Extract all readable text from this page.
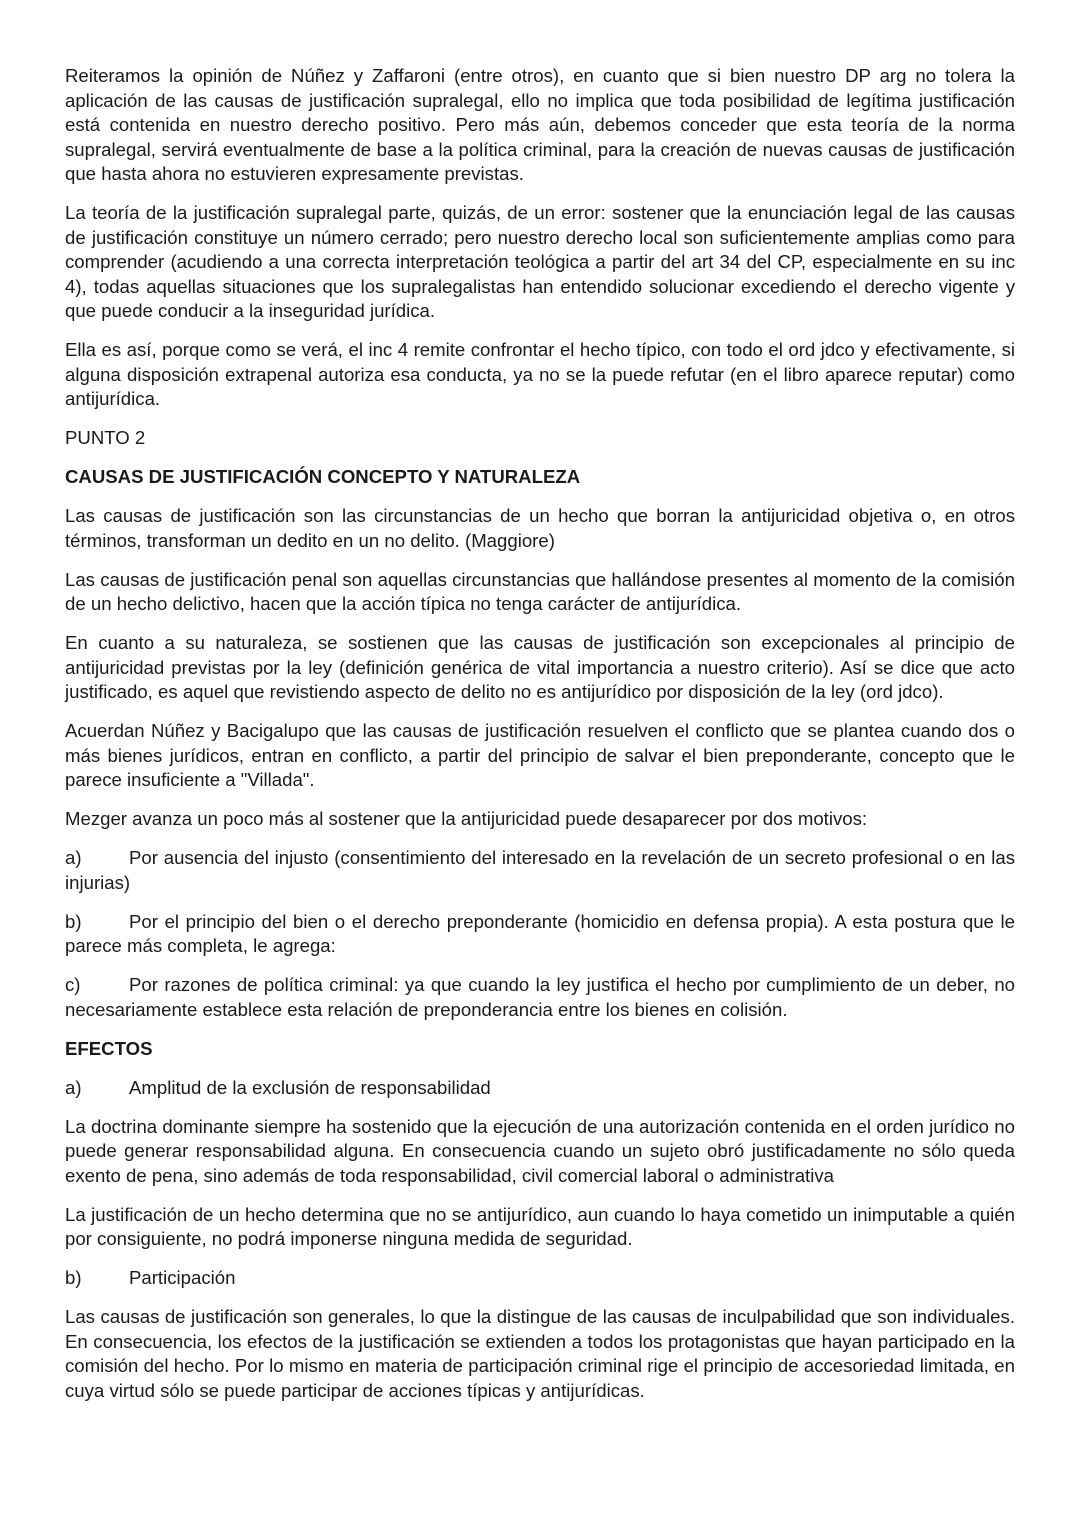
Reiteramos la opinión de Núñez y Zaffaroni (entre otros), en cuanto que si bien nuestro DP arg no tolera la aplicación de las causas de justificación supralegal, ello no implica que toda posibilidad de legítima justificación está contenida en nuestro derecho positivo. Pero más aún, debemos conceder que esta teoría de la norma supralegal, servirá eventualmente de base a la política criminal, para la creación de nuevas causas de justificación que hasta ahora no estuvieren expresamente previstas.

La teoría de la justificación supralegal parte, quizás, de un error: sostener que la enunciación legal de las causas de justificación constituye un número cerrado; pero nuestro derecho local son suficientemente amplias como para comprender (acudiendo a una correcta interpretación teológica a partir del art 34 del CP, especialmente en su inc 4), todas aquellas situaciones que los supralegalistas han entendido solucionar excediendo el derecho vigente y que puede conducir a la inseguridad jurídica.

Ella es así, porque como se verá, el inc 4 remite confrontar el hecho típico, con todo el ord jdco y efectivamente, si alguna disposición extrapenal autoriza esa conducta, ya no se la puede refutar (en el libro aparece reputar) como antijurídica.

PUNTO 2

CAUSAS DE JUSTIFICACIÓN CONCEPTO Y NATURALEZA

Las causas de justificación son las circunstancias de un hecho que borran la antijuricidad objetiva o, en otros términos, transforman un dedito en un no delito. (Maggiore)

Las causas de justificación penal son aquellas circunstancias que hallándose presentes al momento de la comisión de un hecho delictivo, hacen que la acción típica no tenga carácter de antijurídica.

En cuanto a su naturaleza, se sostienen que las causas de justificación son excepcionales al principio de antijuricidad previstas por la ley (definición genérica de vital importancia a nuestro criterio). Así se dice que acto justificado, es aquel que revistiendo aspecto de delito no es antijurídico por disposición de la ley (ord jdco).

Acuerdan Núñez y Bacigalupo que las causas de justificación resuelven el conflicto que se plantea cuando dos o más bienes jurídicos, entran en conflicto, a partir del principio de salvar el bien preponderante, concepto que le parece insuficiente a "Villada".

Mezger avanza un poco más al sostener que la antijuricidad puede desaparecer por dos motivos:

a)	Por ausencia del injusto (consentimiento del interesado en la revelación de un secreto profesional o en las injurias)

b)	Por el principio del bien o el derecho preponderante (homicidio en defensa propia). A esta postura que le parece más completa, le agrega:

c)	Por razones de política criminal: ya que cuando la ley justifica el hecho por cumplimiento de un deber, no necesariamente establece esta relación de preponderancia entre los bienes en colisión.

EFECTOS

a)	Amplitud de la exclusión de responsabilidad

La doctrina dominante siempre ha sostenido que la ejecución de una autorización contenida en el orden jurídico no puede generar responsabilidad alguna. En consecuencia cuando un sujeto obró justificadamente no sólo queda exento de pena, sino además de toda responsabilidad, civil comercial laboral o administrativa

La justificación de un hecho determina que no se antijurídico, aun cuando lo haya cometido un inimputable a quién por consiguiente, no podrá imponerse ninguna medida de seguridad.

b)	Participación

Las causas de justificación son generales, lo que la distingue de las causas de inculpabilidad que son individuales. En consecuencia, los efectos de la justificación se extienden a todos los protagonistas que hayan participado en la comisión del hecho. Por lo mismo en materia de participación criminal rige el principio de accesoriedad limitada, en cuya virtud sólo se puede participar de acciones típicas y antijurídicas.
